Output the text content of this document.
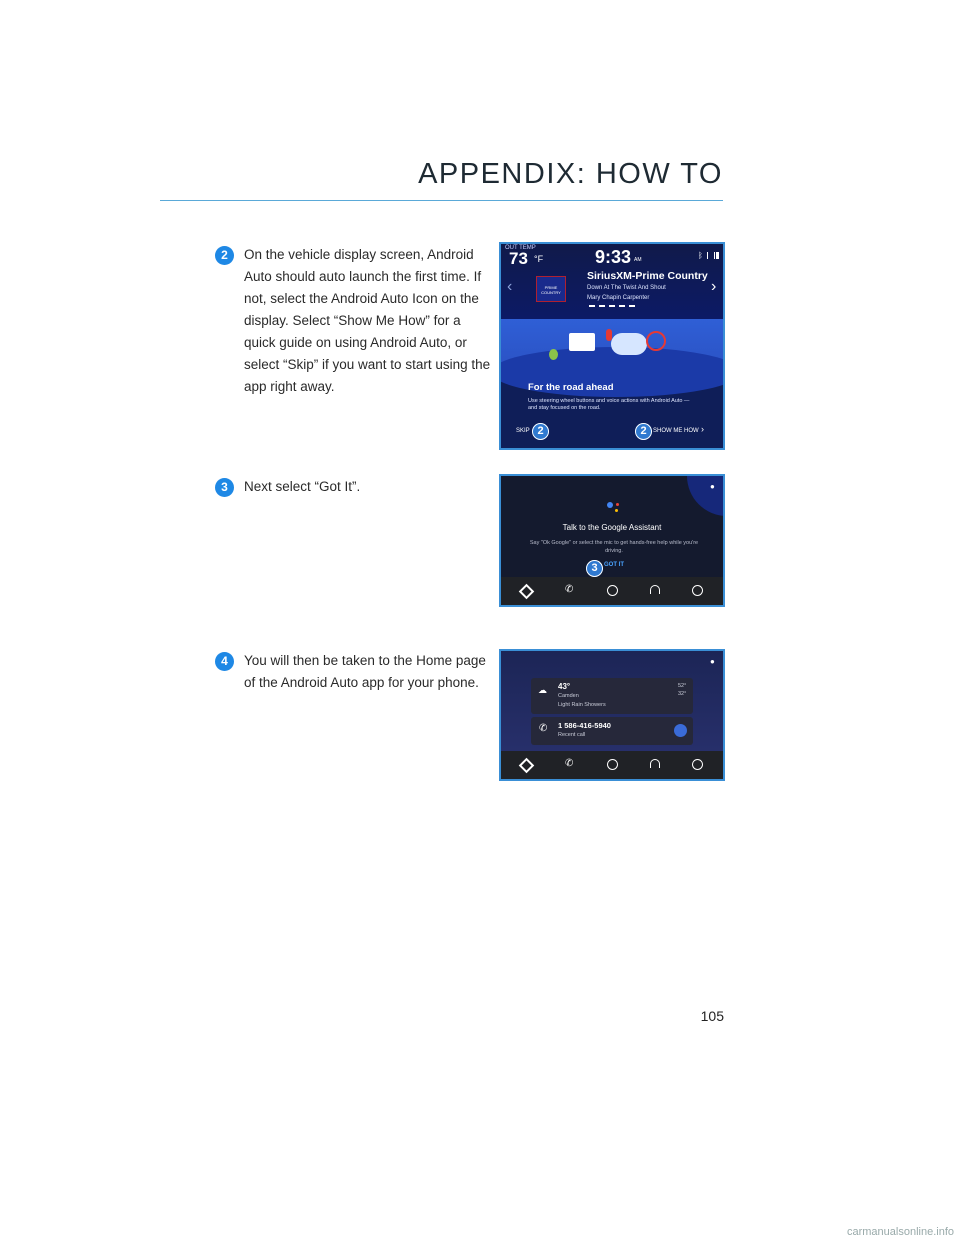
APPENDIX: HOW TO
2	On the vehicle display screen, Android Auto should auto launch the first time. If not, select the Android Auto Icon on the display. Select “Show Me How” for a quick guide on using Android Auto, or select “Skip” if you want to start using the app right away.
OUT TEMP
73 °F	9:33 AM	ᛒ
‹	›
PRIME COUNTRY
SiriusXM-Prime Country
Down At The Twist And Shout
Mary Chapin Carpenter
For the road ahead
Use steering wheel buttons and voice actions with Android Auto — and stay focused on the road.
SKIP 2	2	SHOW ME HOW ›
3	Next select “Got It”.	●
Talk to the Google Assistant
Say "Ok Google" or select the mic to get hands-free help while you're driving.
3	GOT IT
✆
4	You will then be taken to the Home page of the Android Auto app for your phone.
●
☁ 43°
Camden
Light Rain Showers
52°
32°
✆ 1 586-416-5940
Recent call
✆
105
carmanualsonline.info
